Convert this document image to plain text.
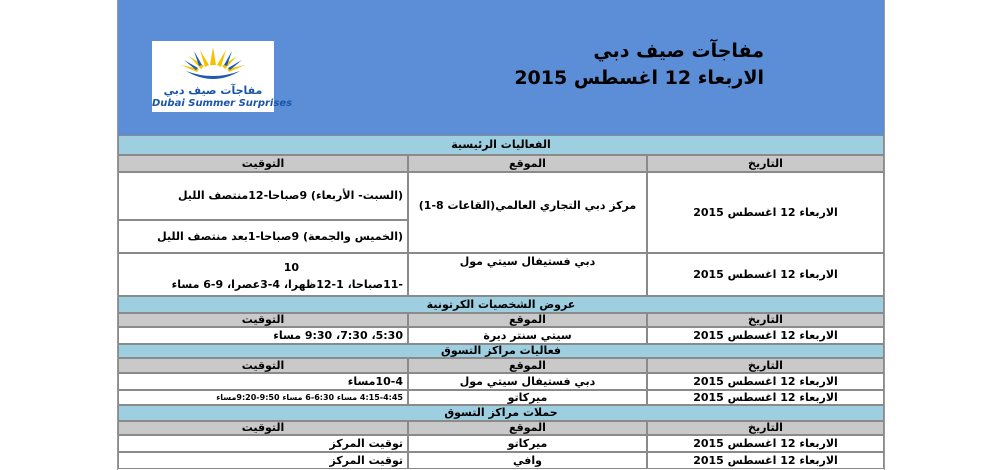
مفاجآت صيف دبي
Dubai Summer Surprises
مفاجآت صيف دبي
الاربعاء 12 اغسطس 2015
الفعاليات الرئيسية
التاريخ
الموقع
التوقيت
الاربعاء 12 اغسطس 2015
مركز دبي التجاري العالمي(القاعات 8-1)
(السبت- الأربعاء) 9صباحا-12منتصف الليل
(الخميس والجمعة) 9صباحا-1بعد منتصف الليل
الاربعاء 12 اغسطس 2015
دبي فستيفال سيتي مول
10
-11صباحا، 1-12ظهرا، 4-3عصرا، 9-6 مساء
عروض الشخصيات الكرتونية
التاريخ
الموقع
التوقيت
الاربعاء 12 اغسطس 2015
سيتي سنتر ديرة
5:30، 7:30، 9:30 مساء
فعاليات مراكز التسوق
التاريخ
الموقع
التوقيت
الاربعاء 12 اغسطس 2015
دبي فستيفال سيتي مول
10-4مساء
الاربعاء 12 اغسطس 2015
ميركاتو
4:15-4:45 مساء 6:30-6 مساء 9:50-9:20مساء
حملات مراكز التسوق
التاريخ
الموقع
التوقيت
الاربعاء 12 اغسطس 2015
ميركاتو
توقيت المركز
الاربعاء 12 اغسطس 2015
وافي
توقيت المركز
